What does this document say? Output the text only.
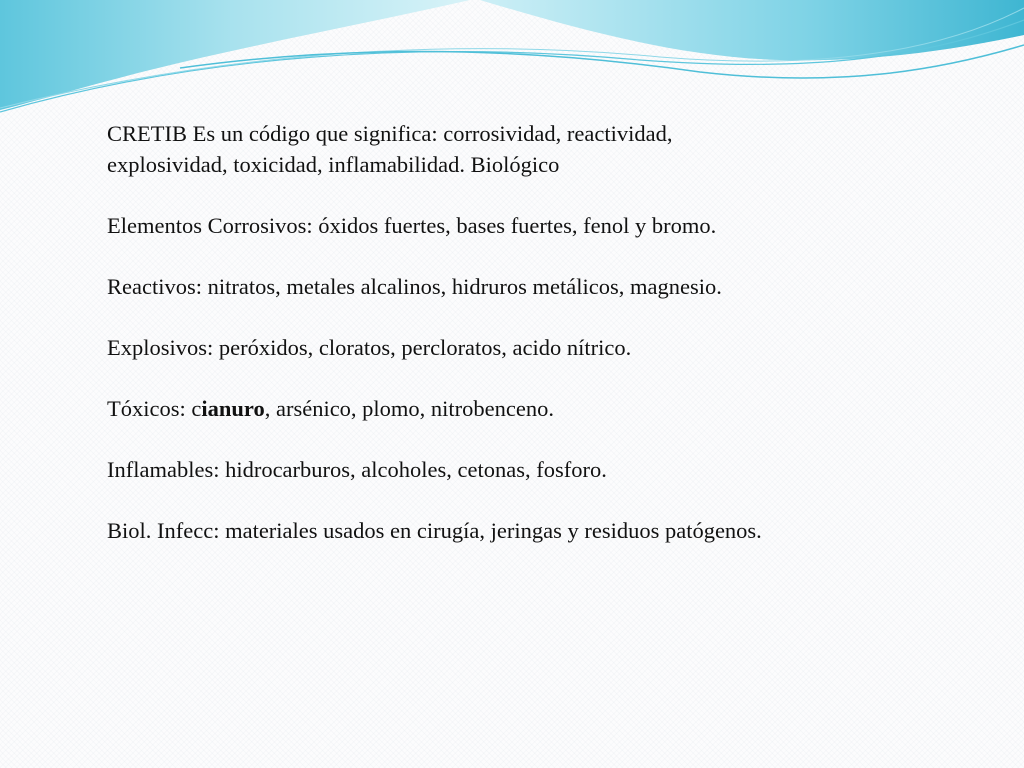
CRETIB Es un código que significa: corrosividad, reactividad, explosividad, toxicidad, inflamabilidad. Biológico

Elementos Corrosivos: óxidos fuertes, bases fuertes, fenol y bromo.

Reactivos: nitratos, metales alcalinos, hidruros metálicos, magnesio.

Explosivos: peróxidos, cloratos, percloratos, acido nítrico.

Tóxicos: cianuro, arsénico, plomo, nitrobenceno.

Inflamables: hidrocarburos, alcoholes, cetonas, fosforo.

Biol. Infecc: materiales usados en cirugía, jeringas y residuos patógenos.
